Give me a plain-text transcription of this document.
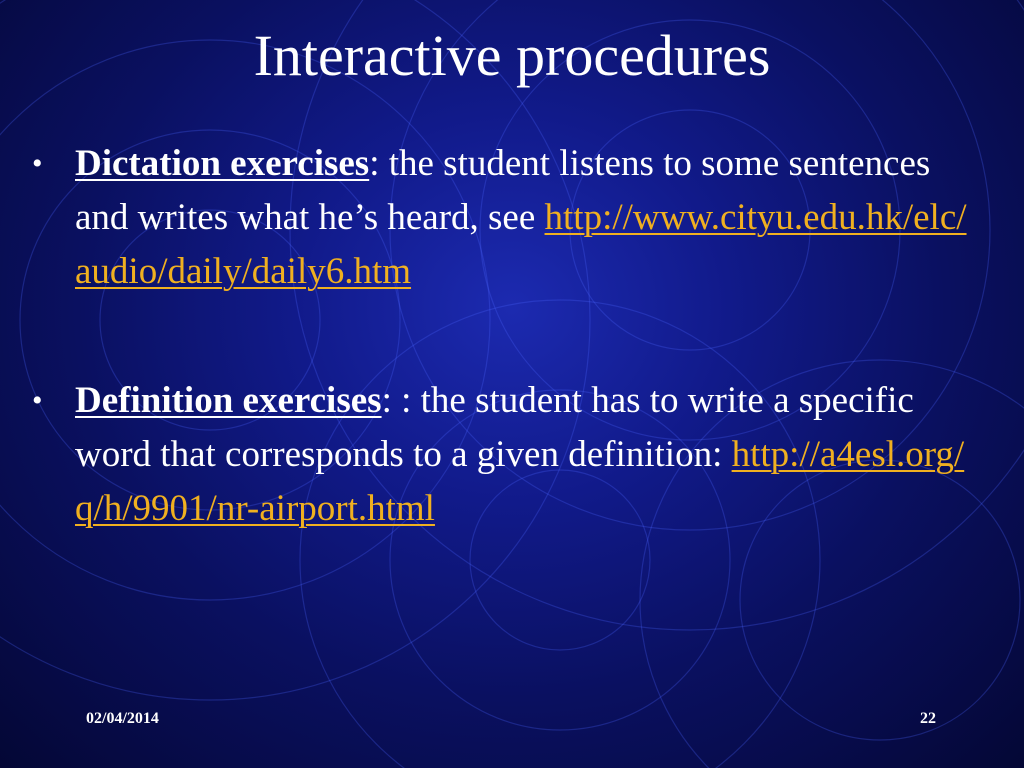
Interactive procedures
• Dictation exercises: the student listens to some sentences and writes what he’s heard, see http://www.cityu.edu.hk/elc/audio/daily/daily6.htm
• Definition exercises: : the student has to write a specific word that corresponds to a given definition: http://a4esl.org/q/h/9901/nr-airport.html
02/04/2014	22
